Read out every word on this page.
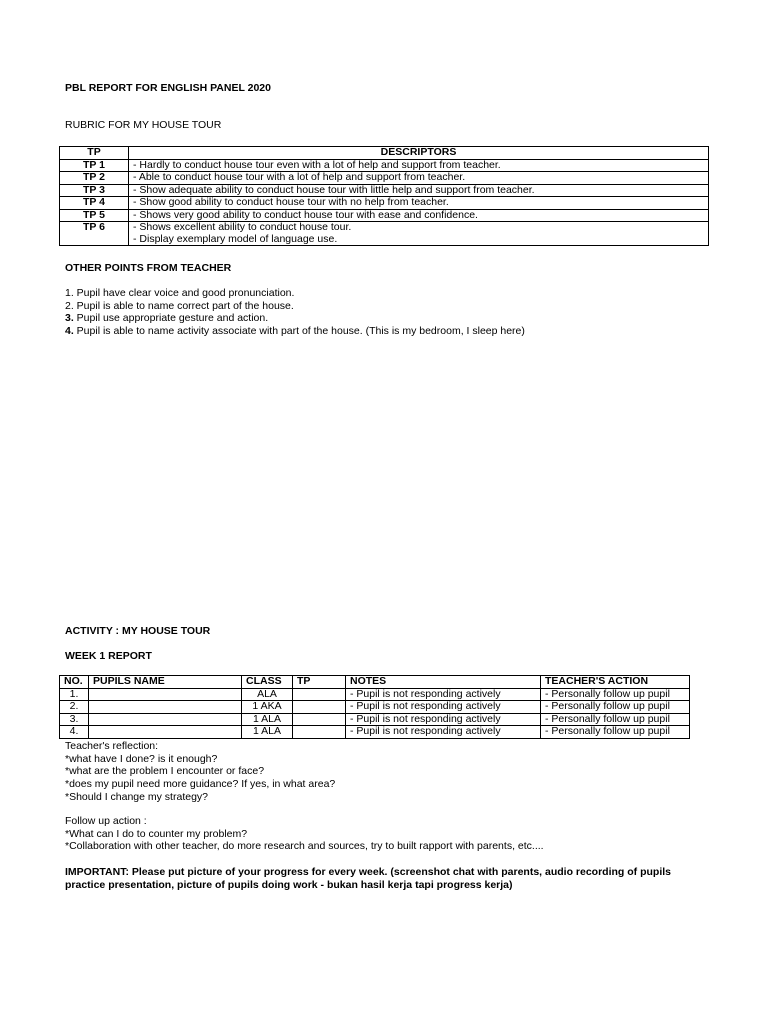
PBL REPORT FOR ENGLISH PANEL 2020
RUBRIC FOR MY HOUSE TOUR
TP	DESCRIPTORS
TP 1	- Hardly to conduct house tour even with a lot of help and support from teacher.

TP 2	- Able to conduct house tour with a lot of help and support from teacher.

TP 3	- Show adequate ability to conduct house tour with little help and support from teacher.

TP 4	- Show good ability to conduct house tour with no help from teacher.

TP 5	- Shows very good ability to conduct house tour with ease and confidence.

TP 6	- Shows excellent ability to conduct house tour.
- Display exemplary model of language use.
OTHER POINTS FROM TEACHER
1. Pupil have clear voice and good pronunciation.
2. Pupil is able to name correct part of the house.
3. Pupil use appropriate gesture and action.
4. Pupil is able to name activity associate with part of the house. (This is my bedroom, I sleep here)
ACTIVITY : MY HOUSE TOUR
WEEK 1 REPORT
NO.	PUPILS NAME	CLASS	TP	NOTES	TEACHER'S ACTION
1.		ALA		- Pupil is not responding actively	- Personally follow up pupil
2.		1 AKA		- Pupil is not responding actively	- Personally follow up pupil
3.		1 ALA		- Pupil is not responding actively	- Personally follow up pupil
4.		1 ALA		- Pupil is not responding actively	- Personally follow up pupil
Teacher's reflection:
*what have I done? is it enough?
*what are the problem I encounter or face?
*does my pupil need more guidance? If yes, in what area?
*Should I change my strategy?
Follow up action :
*What can I do to counter my problem?
*Collaboration with other teacher, do more research and sources, try to built rapport with parents, etc....
IMPORTANT: Please put picture of your progress for every week. (screenshot chat with parents, audio recording of pupils
practice presentation, picture of pupils doing work - bukan hasil kerja tapi progress kerja)
